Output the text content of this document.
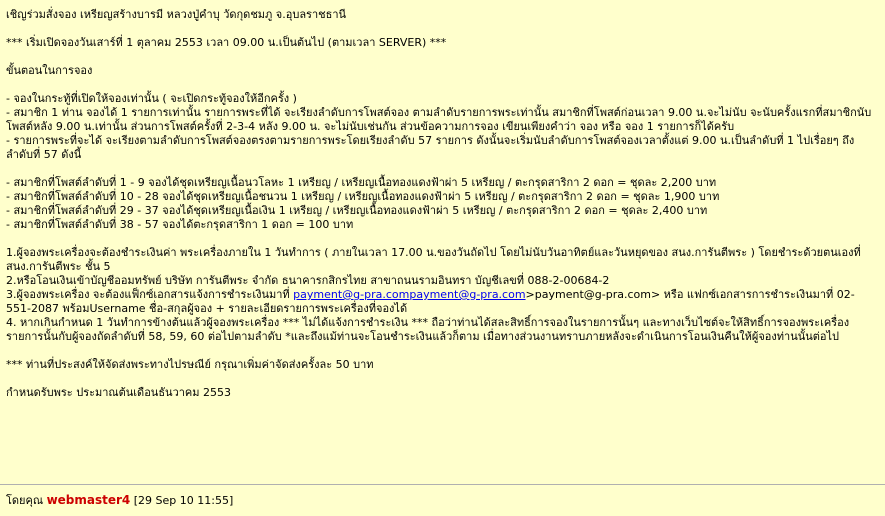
เชิญร่วมสั่งจอง เหรียญสร้างบารมี หลวงปู่คำบุ วัดกุดชมภู จ.อุบลราชธานี
*** เริ่มเปิดจองวันเสาร์ที่ 1 ตุลาคม 2553 เวลา 09.00 น.เป็นต้นไป (ตามเวลา SERVER) ***
ขั้นตอนในการจอง
- จองในกระทู้ที่เปิดให้จองเท่านั้น ( จะเปิดกระทู้จองให้อีกครั้ง )
- สมาชิก 1 ท่าน จองได้ 1 รายการเท่านั้น รายการพระที่ได้ จะเรียงลำดับการโพสต์จอง ตามลำดับรายการพระเท่านั้น สมาชิกที่โพสต์ก่อนเวลา 9.00 น.จะไม่นับ จะนับครั้งแรกที่สมาชิกนับโพสต์หลัง 9.00 น.เท่านั้น ส่วนการโพสต์ครั้งที่ 2-3-4 หลัง 9.00 น. จะไม่นับเช่นกัน ส่วนข้อความการจอง เขียนเพียงคำว่า จอง หรือ จอง 1 รายการก็ได้ครับ
- รายการพระที่จะได้ จะเรียงตามลำดับการโพสต์จองตรงตามรายการพระโดยเรียงลำดับ 57 รายการ ดังนั้นจะเริ่มนับลำดับการโพสต์จองเวลาตั้งแต่ 9.00 น.เป็นลำดับที่ 1 ไปเรื่อยๆ ถึงลำดับที่ 57 ดังนี้
- สมาชิกที่โพสต์ลำดับที่ 1 - 9 จองได้ชุดเหรียญเนื้อนวโลหะ 1 เหรียญ / เหรียญเนื้อทองแดงฟ้าผ่า 5 เหรียญ / ตะกรุดสาริกา 2 ดอก = ชุดละ 2,200 บาท
- สมาชิกที่โพสต์ลำดับที่ 10 - 28 จองได้ชุดเหรียญเนื้อชนวน 1 เหรียญ / เหรียญเนื้อทองแดงฟ้าผ่า 5 เหรียญ / ตะกรุดสาริกา 2 ดอก = ชุดละ 1,900 บาท
- สมาชิกที่โพสต์ลำดับที่ 29 - 37 จองได้ชุดเหรียญเนื้อเงิน 1 เหรียญ / เหรียญเนื้อทองแดงฟ้าผ่า 5 เหรียญ / ตะกรุดสาริกา 2 ดอก = ชุดละ 2,400 บาท
- สมาชิกที่โพสต์ลำดับที่ 38 - 57 จองได้ตะกรุดสาริกา 1 ดอก = 100 บาท
1.ผู้จองพระเครื่องจะต้องชำระเงินค่า พระเครื่องภายใน 1 วันทำการ ( ภายในเวลา 17.00 น.ของวันถัดไป โดยไม่นับวันอาทิตย์และวันหยุดของ สนง.การันตีพระ ) โดยชำระด้วยตนเองที่ สนง.การันตีพระ ชั้น 5
2.หรือโอนเงินเข้าบัญชีออมทรัพย์ บริษัท การันตีพระ จำกัด ธนาคารกสิกรไทย สาขาถนนรามอินทรา บัญชีเลขที่ 088-2-00684-2
3.ผู้จองพระเครื่อง จะต้องแฟ็กซ์เอกสารแจ้งการชำระเงินมาที่ payment@g-pra.compayment@g-pra.com>payment@g-pra.com> หรือ แฟกซ์เอกสารการชำระเงินมาที่ 02-551-2087 พร้อมUsername ชื่อ-สกุลผู้จอง + รายละเอียดรายการพระเครื่องที่จองได้
4. หากเกินกำหนด 1 วันทำการข้างต้นแล้วผู้จองพระเครื่อง *** ไม่ได้แจ้งการชำระเงิน *** ถือว่าท่านได้สละสิทธิ์การจองในรายการนั้นๆ และทางเว็บไซต์จะให้สิทธิ์การจองพระเครื่องรายการนั้นกับผู้จองถัดลำดับที่ 58, 59, 60 ต่อไปตามลำดับ *และถึงแม้ท่านจะโอนชำระเงินแล้วก็ตาม เมื่อทางส่วนงานทราบภายหลังจะดำเนินการโอนเงินคืนให้ผู้จองท่านนั้นต่อไป
*** ท่านที่ประสงค์ให้จัดส่งพระทางไปรษณีย์ กรุณาเพิ่มค่าจัดส่งครั้งละ 50 บาท
กำหนดรับพระ ประมาณต้นเดือนธันวาคม 2553
โดยคุณ webmaster4 [29 Sep 10 11:55]
